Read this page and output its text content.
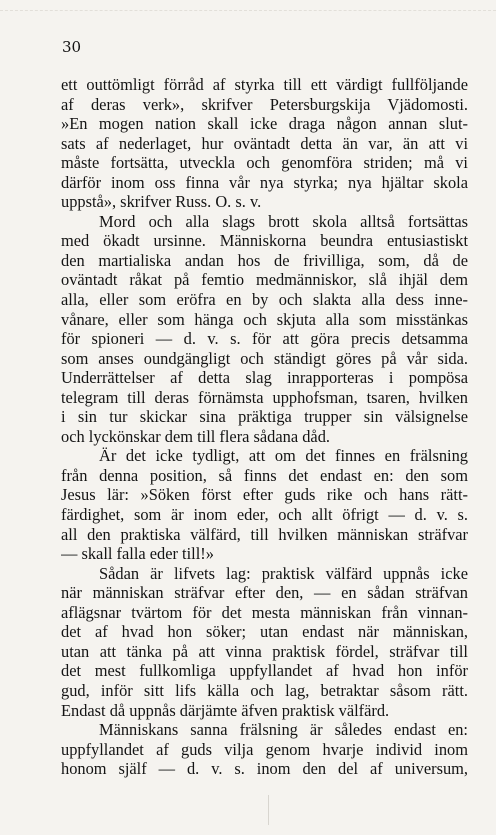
30
ett outtömligt förråd af styrka till ett värdigt fullföljande
af deras verk», skrifver Petersburgskija Vjädomosti.
»En mogen nation skall icke draga någon annan slut-
sats af nederlaget, hur oväntadt detta än var, än att vi
måste fortsätta, utveckla och genomföra striden; må vi
därför inom oss finna vår nya styrka; nya hjältar skola
uppstå», skrifver Russ. O. s. v.
Mord och alla slags brott skola alltså fortsättas
med ökadt ursinne. Människorna beundra entusiastiskt
den martialiska andan hos de frivilliga, som, då de
oväntadt råkat på femtio medmänniskor, slå ihjäl dem
alla, eller som eröfra en by och slakta alla dess inne-
vånare, eller som hänga och skjuta alla som misstänkas
för spioneri — d. v. s. för att göra precis detsamma
som anses oundgängligt och ständigt göres på vår sida.
Underrättelser af detta slag inrapporteras i pompösa
telegram till deras förnämsta upphofsman, tsaren, hvilken
i sin tur skickar sina präktiga trupper sin välsignelse
och lyckönskar dem till flera sådana dåd.
Är det icke tydligt, att om det finnes en frälsning
från denna position, så finns det endast en: den som
Jesus lär: »Söken först efter guds rike och hans rätt-
färdighet, som är inom eder, och allt öfrigt — d. v. s.
all den praktiska välfärd, till hvilken människan sträfvar
— skall falla eder till!»
Sådan är lifvets lag: praktisk välfärd uppnås icke
när människan sträfvar efter den, — en sådan sträfvan
aflägsnar tvärtom för det mesta människan från vinnan-
det af hvad hon söker; utan endast när människan,
utan att tänka på att vinna praktisk fördel, sträfvar till
det mest fullkomliga uppfyllandet af hvad hon inför
gud, inför sitt lifs källa och lag, betraktar såsom rätt.
Endast då uppnås därjämte äfven praktisk välfärd.
Människans sanna frälsning är således endast en:
uppfyllandet af guds vilja genom hvarje individ inom
honom själf — d. v. s. inom den del af universum,
